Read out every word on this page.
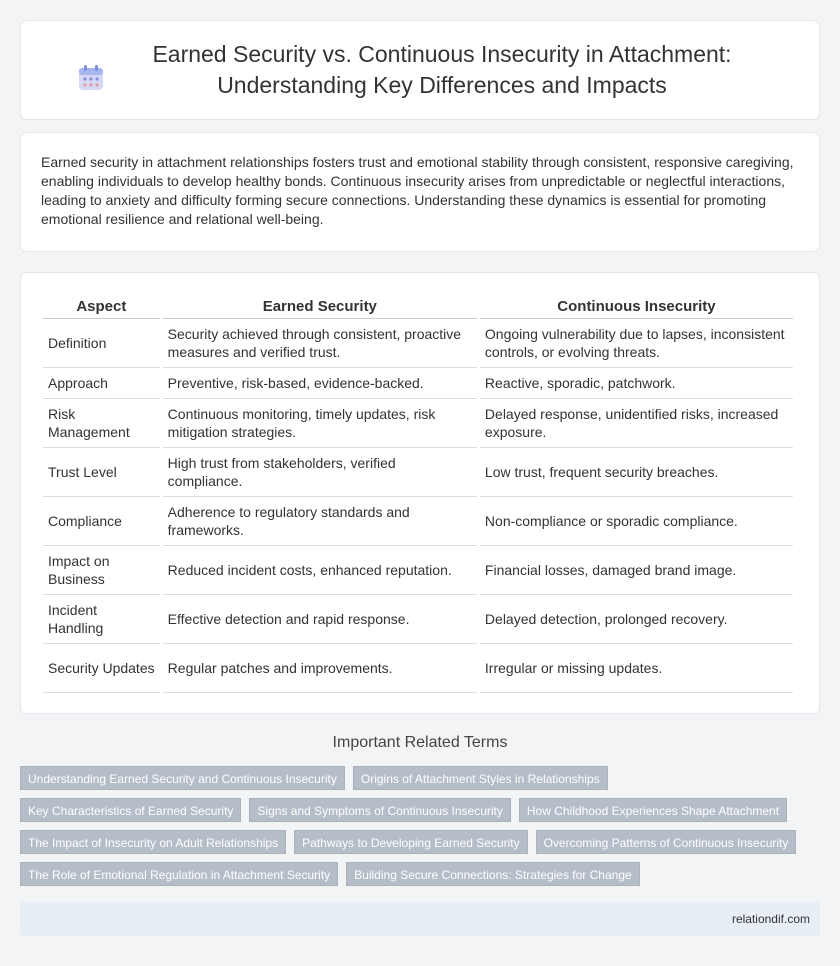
Earned Security vs. Continuous Insecurity in Attachment: Understanding Key Differences and Impacts

Earned security in attachment relationships fosters trust and emotional stability through consistent, responsive caregiving, enabling individuals to develop healthy bonds. Continuous insecurity arises from unpredictable or neglectful interactions, leading to anxiety and difficulty forming secure connections. Understanding these dynamics is essential for promoting emotional resilience and relational well-being.

Aspect	Earned Security	Continuous Insecurity
Definition	Security achieved through consistent, proactive measures and verified trust.	Ongoing vulnerability due to lapses, inconsistent controls, or evolving threats.
Approach	Preventive, risk-based, evidence-backed.	Reactive, sporadic, patchwork.
Risk Management	Continuous monitoring, timely updates, risk mitigation strategies.	Delayed response, unidentified risks, increased exposure.
Trust Level	High trust from stakeholders, verified compliance.	Low trust, frequent security breaches.
Compliance	Adherence to regulatory standards and frameworks.	Non-compliance or sporadic compliance.
Impact on Business	Reduced incident costs, enhanced reputation.	Financial losses, damaged brand image.
Incident Handling	Effective detection and rapid response.	Delayed detection, prolonged recovery.
Security Updates	Regular patches and improvements.	Irregular or missing updates.
Important Related Terms
Understanding Earned Security and Continuous Insecurity	Origins of Attachment Styles in Relationships
Key Characteristics of Earned Security	Signs and Symptoms of Continuous Insecurity	How Childhood Experiences Shape Attachment
The Impact of Insecurity on Adult Relationships	Pathways to Developing Earned Security	Overcoming Patterns of Continuous Insecurity
The Role of Emotional Regulation in Attachment Security	Building Secure Connections: Strategies for Change
relationdif.com
